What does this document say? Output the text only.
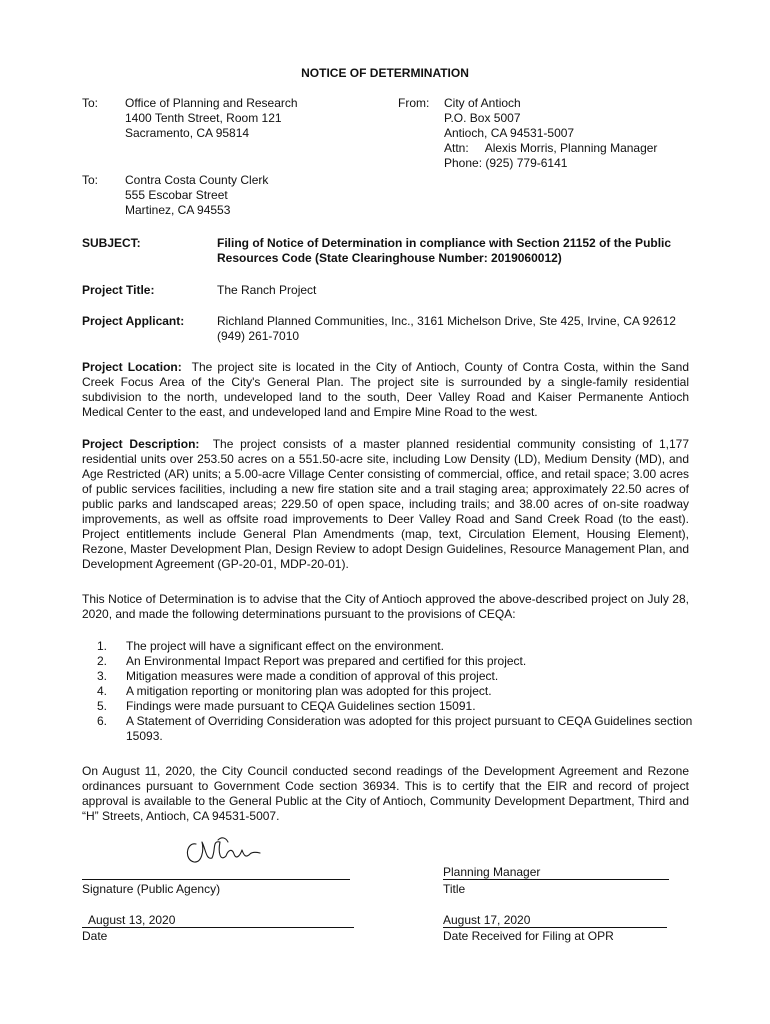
NOTICE OF DETERMINATION
To: Office of Planning and Research
1400 Tenth Street, Room 121
Sacramento, CA 95814
From: City of Antioch
P.O. Box 5007
Antioch, CA 94531-5007
Attn: Alexis Morris, Planning Manager
Phone: (925) 779-6141
To: Contra Costa County Clerk
555 Escobar Street
Martinez, CA 94553
SUBJECT:	Filing of Notice of Determination in compliance with Section 21152 of the Public
Resources Code (State Clearinghouse Number: 2019060012)
Project Title:	The Ranch Project
Project Applicant:	Richland Planned Communities, Inc., 3161 Michelson Drive, Ste 425, Irvine, CA 92612
(949) 261-7010

Project Location: The project site is located in the City of Antioch, County of Contra Costa, within the Sand Creek Focus Area of the City's General Plan. The project site is surrounded by a single-family residential subdivision to the north, undeveloped land to the south, Deer Valley Road and Kaiser Permanente Antioch Medical Center to the east, and undeveloped land and Empire Mine Road to the west.

Project Description: The project consists of a master planned residential community consisting of 1,177 residential units over 253.50 acres on a 551.50-acre site, including Low Density (LD), Medium Density (MD), and Age Restricted (AR) units; a 5.00-acre Village Center consisting of commercial, office, and retail space; 3.00 acres of public services facilities, including a new fire station site and a trail staging area; approximately 22.50 acres of public parks and landscaped areas; 229.50 of open space, including trails; and 38.00 acres of on-site roadway improvements, as well as offsite road improvements to Deer Valley Road and Sand Creek Road (to the east). Project entitlements include General Plan Amendments (map, text, Circulation Element, Housing Element), Rezone, Master Development Plan, Design Review to adopt Design Guidelines, Resource Management Plan, and Development Agreement (GP-20-01, MDP-20-01).

This Notice of Determination is to advise that the City of Antioch approved the above-described project on July 28, 2020, and made the following determinations pursuant to the provisions of CEQA:

1. The project will have a significant effect on the environment.
2. An Environmental Impact Report was prepared and certified for this project.
3. Mitigation measures were made a condition of approval of this project.
4. A mitigation reporting or monitoring plan was adopted for this project.
5. Findings were made pursuant to CEQA Guidelines section 15091.
6. A Statement of Overriding Consideration was adopted for this project pursuant to CEQA Guidelines section 15093.

On August 11, 2020, the City Council conducted second readings of the Development Agreement and Rezone ordinances pursuant to Government Code section 36934. This is to certify that the EIR and record of project approval is available to the General Public at the City of Antioch, Community Development Department, Third and “H” Streets, Antioch, CA 94531-5007.

Signature (Public Agency)
Planning Manager
Title
August 13, 2020
Date
August 17, 2020
Date Received for Filing at OPR
